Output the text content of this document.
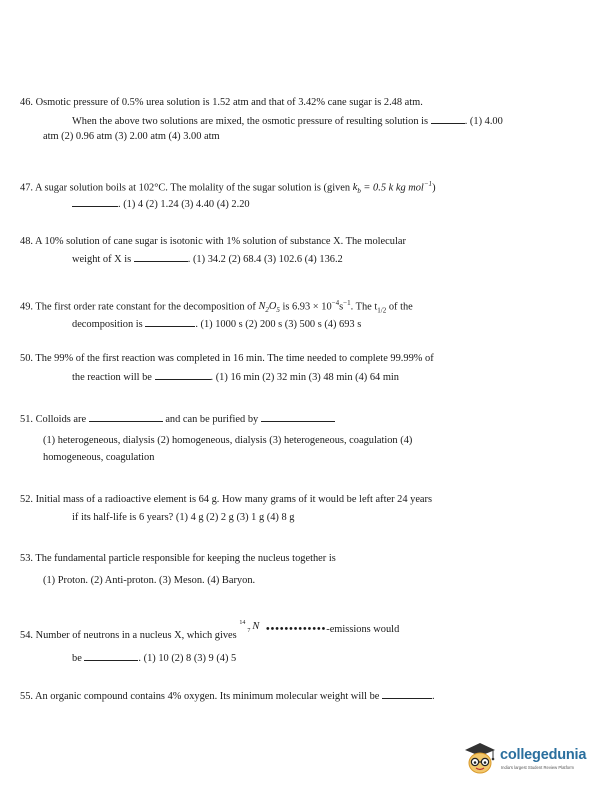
46. Osmotic pressure of 0.5% urea solution is 1.52 atm and that of 3.42% cane sugar is 2.48 atm.
When the above two solutions are mixed, the osmotic pressure of resulting solution is	. (1) 4.00
atm (2) 0.96 atm (3) 2.00 atm (4) 3.00 atm
47. A sugar solution boils at 102°C. The molality of the sugar solution is (given $k_b = 0.5$ k kg mol$^{-1}$)
. (1) 4 (2) 1.24 (3) 4.40 (4) 2.20
48. A 10% solution of cane sugar is isotonic with 1% solution of substance X. The molecular
weight of X is	. (1) 34.2 (2) 68.4 (3) 102.6 (4) 136.2
49. The first order rate constant for the decomposition of $N_2O_5$ is $6.93 \times 10^{-4}s^{-1}$. The $t_{1/2}$ of the
decomposition is	. (1) 1000 s (2) 200 s (3) 500 s (4) 693 s
50. The 99% of the first reaction was completed in 16 min. The time needed to complete 99.99% of
the reaction will be	. (1) 16 min (2) 32 min (3) 48 min (4) 64 min
51. Colloids are	and can be purified by
(1) heterogeneous, dialysis (2) homogeneous, dialysis (3) heterogeneous, coagulation (4)
homogeneous, coagulation
52. Initial mass of a radioactive element is 64 g. How many grams of it would be left after 24 years
if its half-life is 6 years? (1) 4 g (2) 2 g (3) 1 g (4) 8 g
53. The fundamental particle responsible for keeping the nucleus together is
(1) Proton. (2) Anti-proton. (3) Meson. (4) Baryon.
54. Number of neutrons in a nucleus X, which gives
14
7 N •••••••••••••-emissions would
be	. (1) 10 (2) 8 (3) 9 (4) 5
55. An organic compound contains 4% oxygen. Its minimum molecular weight will be	.
collegedunia
India's largest Student Review Platform
